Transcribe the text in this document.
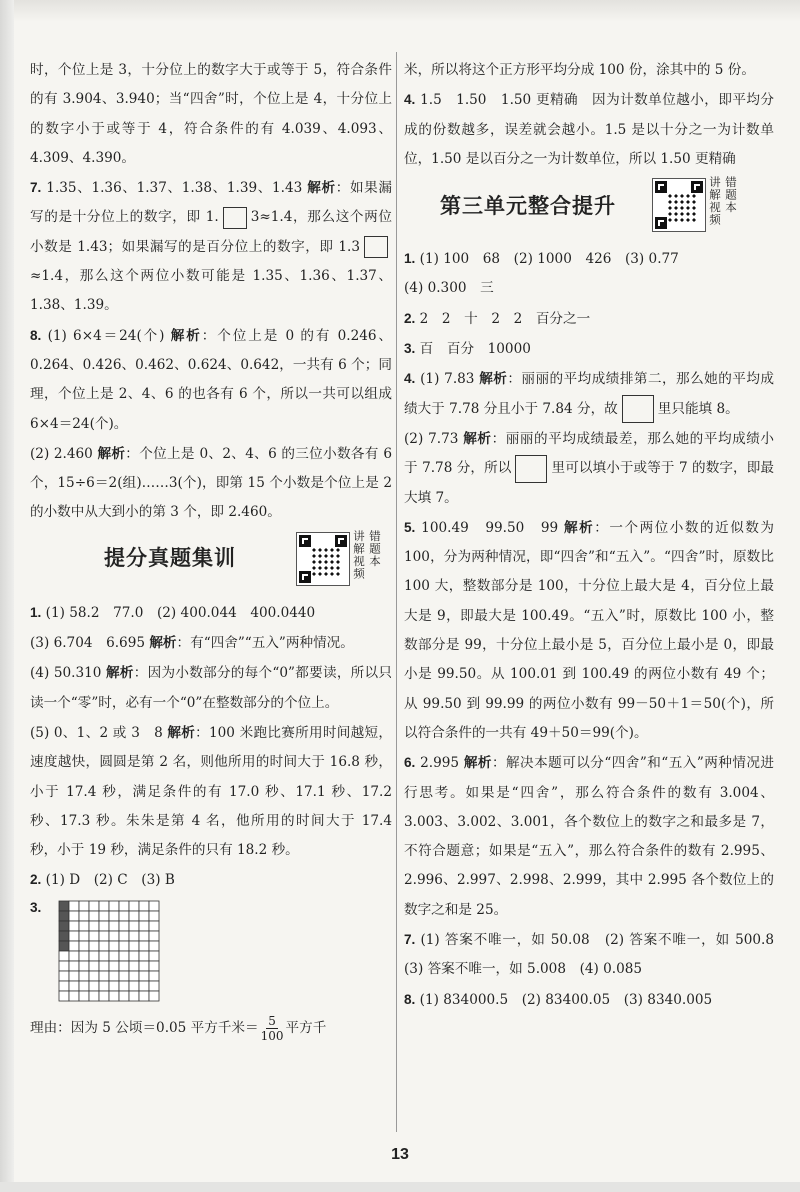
时，个位上是 3，十分位上的数字大于或等于 5，符合条件的有 3.904、3.940；当“四舍”时，个位上是 4，十分位上的数字小于或等于 4，符合条件的有 4.039、4.093、4.309、4.390。

7. 1.35、1.36、1.37、1.38、1.39、1.43 解析：如果漏写的是十分位上的数字，即 1. 3≈1.4，那么这个两位小数是 1.43；如果漏写的是百分位上的数字，即 1.3≈1.4，那么这个两位小数可能是 1.35、1.36、1.37、1.38、1.39。

8. (1) 6×4＝24(个) 解析：个位上是 0 的有 0.246、0.264、0.426、0.462、0.624、0.642，一共有 6 个；同理，个位上是 2、4、6 的也各有 6 个，所以一共可以组成 6×4＝24(个)。

(2) 2.460 解析：个位上是 0、2、4、6 的三位小数各有 6 个，15÷6＝2(组)……3(个)，即第 15 个小数是个位上是 2 的小数中从大到小的第 3 个，即 2.460。

提分真题集训	讲解视频 错题本

1. (1) 58.2　77.0　(2) 400.044　400.0440

(3) 6.704　6.695 解析：有“四舍”“五入”两种情况。

(4) 50.310 解析：因为小数部分的每个“0”都要读，所以只读一个“零”时，必有一个“0”在整数部分的个位上。

(5) 0、1、2 或 3　8 解析：100 米跑比赛所用时间越短，速度越快，圆圆是第 2 名，则他所用的时间大于 16.8 秒，小于 17.4 秒，满足条件的有 17.0 秒、17.1 秒、17.2 秒、17.3 秒。朱朱是第 4 名，他所用的时间大于 17.4 秒，小于 19 秒，满足条件的只有 18.2 秒。

2. (1) D　(2) C　(3) B

3.

理由：因为 5 公顷＝0.05 平方千米＝ $\frac{5}{100}$ 平方千

米，所以将这个正方形平均分成 100 份，涂其中的 5 份。

4. 1.5　1.50　1.50 更精确　因为计数单位越小，即平均分成的份数越多，误差就会越小。1.5 是以十分之一为计数单位，1.50 是以百分之一为计数单位，所以 1.50 更精确

第三单元整合提升	讲解视频 错题本

1. (1) 100　68　(2) 1000　426　(3) 0.77

(4) 0.300　三

2. 2　2　十　2　2　百分之一

3. 百　百分　10000

4. (1) 7.83 解析：丽丽的平均成绩排第二，那么她的平均成绩大于 7.78 分且小于 7.84 分，故	里只能填 8。

(2) 7.73 解析：丽丽的平均成绩最差，那么她的平均成绩小于 7.78 分，所以	里可以填小于或等于 7 的数字，即最大填 7。

5. 100.49　99.50　99 解析：一个两位小数的近似数为 100，分为两种情况，即“四舍”和“五入”。“四舍”时，原数比 100 大，整数部分是 100，十分位上最大是 4，百分位上最大是 9，即最大是 100.49。“五入”时，原数比 100 小，整数部分是 99，十分位上最小是 5，百分位上最小是 0，即最小是 99.50。从 100.01 到 100.49 的两位小数有 49 个；从 99.50 到 99.99 的两位小数有 99－50＋1＝50(个)，所以符合条件的一共有 49＋50＝99(个)。

6. 2.995 解析：解决本题可以分“四舍”和“五入”两种情况进行思考。如果是“四舍”，那么符合条件的数有 3.004、3.003、3.002、3.001，各个数位上的数字之和最多是 7，不符合题意；如果是“五入”，那么符合条件的数有 2.995、2.996、2.997、2.998、2.999，其中 2.995 各个数位上的数字之和是 25。

7. (1) 答案不唯一，如 50.08　(2) 答案不唯一，如 500.8　(3) 答案不唯一，如 5.008　(4) 0.085

8. (1) 834000.5　(2) 83400.05　(3) 8340.005

13
